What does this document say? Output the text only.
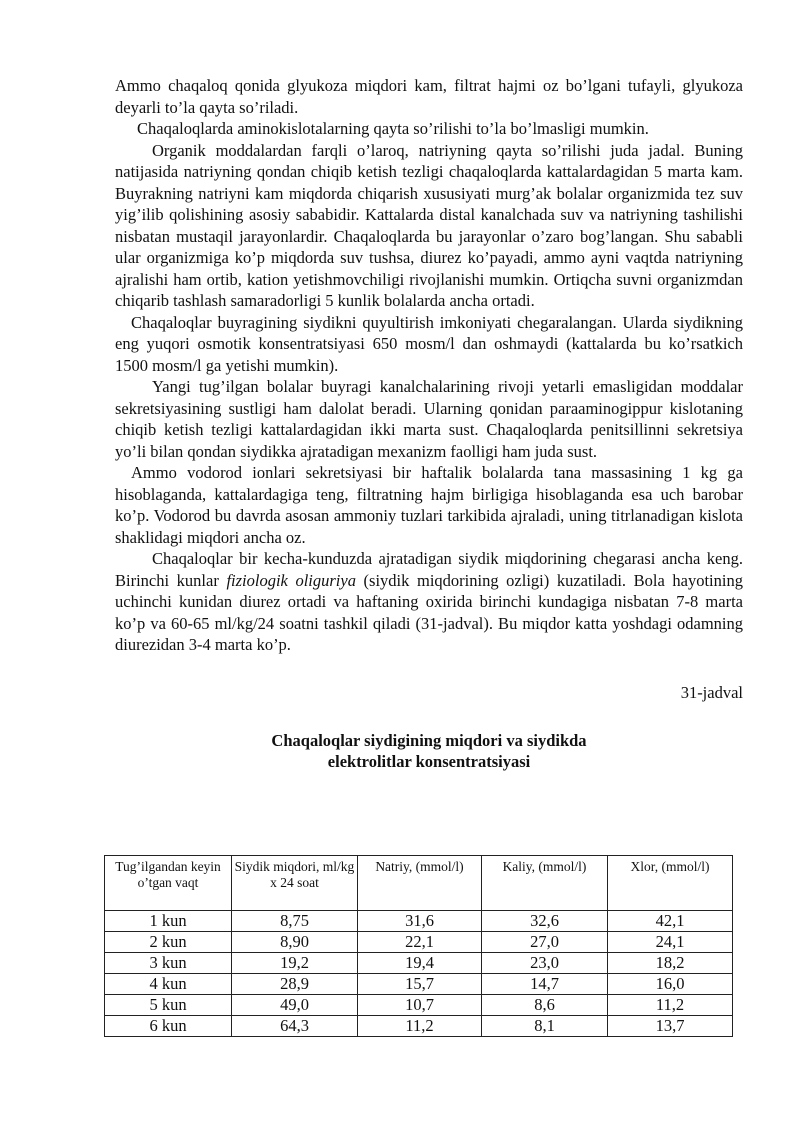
Ammo chaqaloq qonida glyukoza miqdori kam, filtrat hajmi oz bo’lgani tufayli, glyukoza deyarli to’la qayta so’riladi.

Chaqaloqlarda aminokislotalarning qayta so’rilishi to’la bo’lmasligi mumkin.

Organik moddalardan farqli o’laroq, natriyning qayta so’rilishi juda jadal. Buning natijasida natriyning qondan chiqib ketish tezligi chaqaloqlarda kattalardagidan 5 marta kam. Buyrakning natriyni kam miqdorda chiqarish xususiyati murg’ak bolalar organizmida tez suv yig’ilib qolishining asosiy sababidir. Kattalarda distal kanalchada suv va natriyning tashilishi nisbatan mustaqil jarayonlardir. Chaqaloqlarda bu jarayonlar o’zaro bog’langan. Shu sababli ular organizmiga ko’p miqdorda suv tushsa, diurez ko’payadi, ammo ayni vaqtda natriyning ajralishi ham ortib, kation yetishmovchiligi rivojlanishi mumkin. Ortiqcha suvni organizmdan chiqarib tashlash samaradorligi 5 kunlik bolalarda ancha ortadi.

Chaqaloqlar buyragining siydikni quyultirish imkoniyati chegaralangan. Ularda siydikning eng yuqori osmotik konsentratsiyasi 650 mosm/l dan oshmaydi (kattalarda bu ko’rsatkich 1500 mosm/l ga yetishi mumkin).

Yangi tug’ilgan bolalar buyragi kanalchalarining rivoji yetarli emasligidan moddalar sekretsiyasining sustligi ham dalolat beradi. Ularning qonidan paraaminogippur kislotaning chiqib ketish tezligi kattalardagidan ikki marta sust. Chaqaloqlarda penitsillinni sekretsiya yo’li bilan qondan siydikka ajratadigan mexanizm faolligi ham juda sust.

Ammo vodorod ionlari sekretsiyasi bir haftalik bolalarda tana massasining 1 kg ga hisoblaganda, kattalardagiga teng, filtratning hajm birligiga hisoblaganda esa uch barobar ko’p. Vodorod bu davrda asosan ammoniy tuzlari tarkibida ajraladi, uning titrlanadigan kislota shaklidagi miqdori ancha oz.

Chaqaloqlar bir kecha-kunduzda ajratadigan siydik miqdorining chegarasi ancha keng. Birinchi kunlar fiziologik oliguriya (siydik miqdorining ozligi) kuzatiladi. Bola hayotining uchinchi kunidan diurez ortadi va haftaning oxirida birinchi kundagiga nisbatan 7-8 marta ko’p va 60-65 ml/kg/24 soatni tashkil qiladi (31-jadval). Bu miqdor katta yoshdagi odamning diurezidan 3-4 marta ko’p.

31-jadval

Chaqaloqlar siydigining miqdori va siydikda
elektrolitlar konsentratsiyasi

Tug’ilgandan keyin o’tgan vaqt	Siydik miqdori, ml/kg x 24 soat	Natriy, (mmol/l)	Kaliy, (mmol/l)	Xlor, (mmol/l)
1 kun	8,75	31,6	32,6	42,1
2 kun	8,90	22,1	27,0	24,1
3 kun	19,2	19,4	23,0	18,2
4 kun	28,9	15,7	14,7	16,0
5 kun	49,0	10,7	8,6	11,2
6 kun	64,3	11,2	8,1	13,7
